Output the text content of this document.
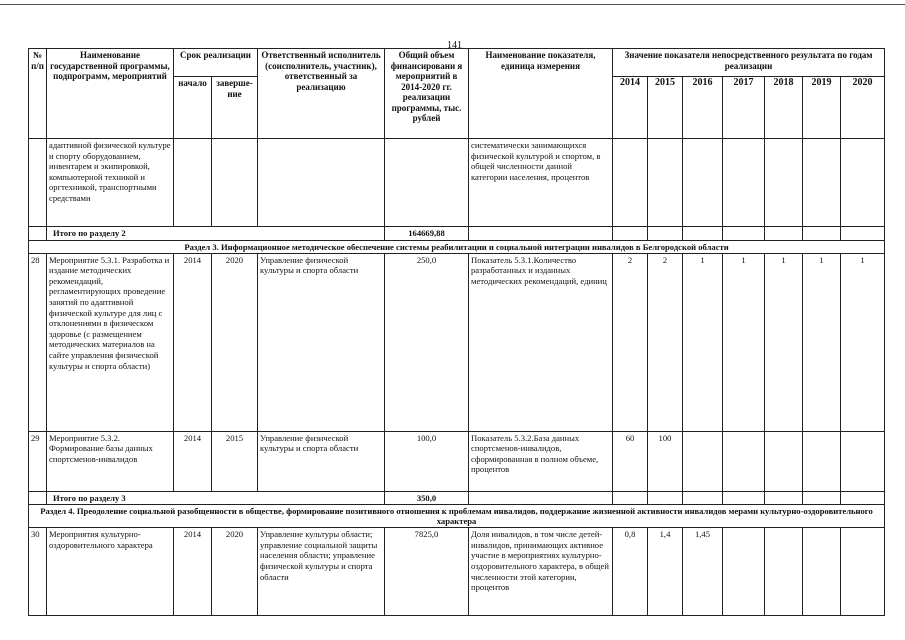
141
№ п/п	Наименование государственной программы, подпрограмм, мероприятий	Срок реализации		Ответственный исполнитель (соисполнитель, участник), ответственный за реализацию	Общий объем финансировани я мероприятий в 2014-2020 гг. реализации программы, тыс. рублей	Наименование показателя, единица измерения	Значение показателя непосредственного результата по годам реализации						
		начало	заверше-ние				2014	2015	2016	2017	2018	2019	2020
	адаптивной физической культуре и спорту оборудованием, инвентарем и экипировкой, компьютерной техникой и оргтехникой, транспортными средствами					систематически занимающихся физической культурой и спортом, в общей численности данной категории населения, процентов							
	Итого по разделу 2				164669,88								
Раздел 3. Информационное методическое обеспечение системы реабилитации и социальной интеграции инвалидов в Белгородской области													
28	Мероприятие 5.3.1. Разработка и издание методических рекомендаций, регламентирующих проведение занятий по адаптивной физической культуре для лиц с отклонениями в физическом здоровье (с размещением методических материалов на сайте управления физической культуры и спорта области)	2014	2020	Управление физической культуры и спорта области	250,0	Показатель 5.3.1.Количество разработанных и изданных методических рекомендаций, единиц	2	2	1	1	1	1	1
29	Мероприятие 5.3.2. Формирование базы данных спортсменов-инвалидов	2014	2015	Управление физической культуры и спорта области	100,0	Показатель 5.3.2.База данных спортсменов-инвалидов, сформированная в полном объеме, процентов	60	100					
	Итого по разделу 3				350,0								
Раздел 4. Преодоление социальной разобщенности в обществе, формирование позитивного отношения к проблемам инвалидов, поддержание жизненной активности инвалидов мерами культурно-оздоровительного характера													
30	Мероприятия культурно-оздоровительного характера	2014	2020	Управление культуры области; управление социальной защиты населения области; управление физической культуры и спорта области	7825,0	Доля инвалидов, в том числе детей-инвалидов, принимающих активное участие в мероприятиях культурно-оздоровительного характера, в общей численности этой категории, процентов	0,8	1,4	1,45				
